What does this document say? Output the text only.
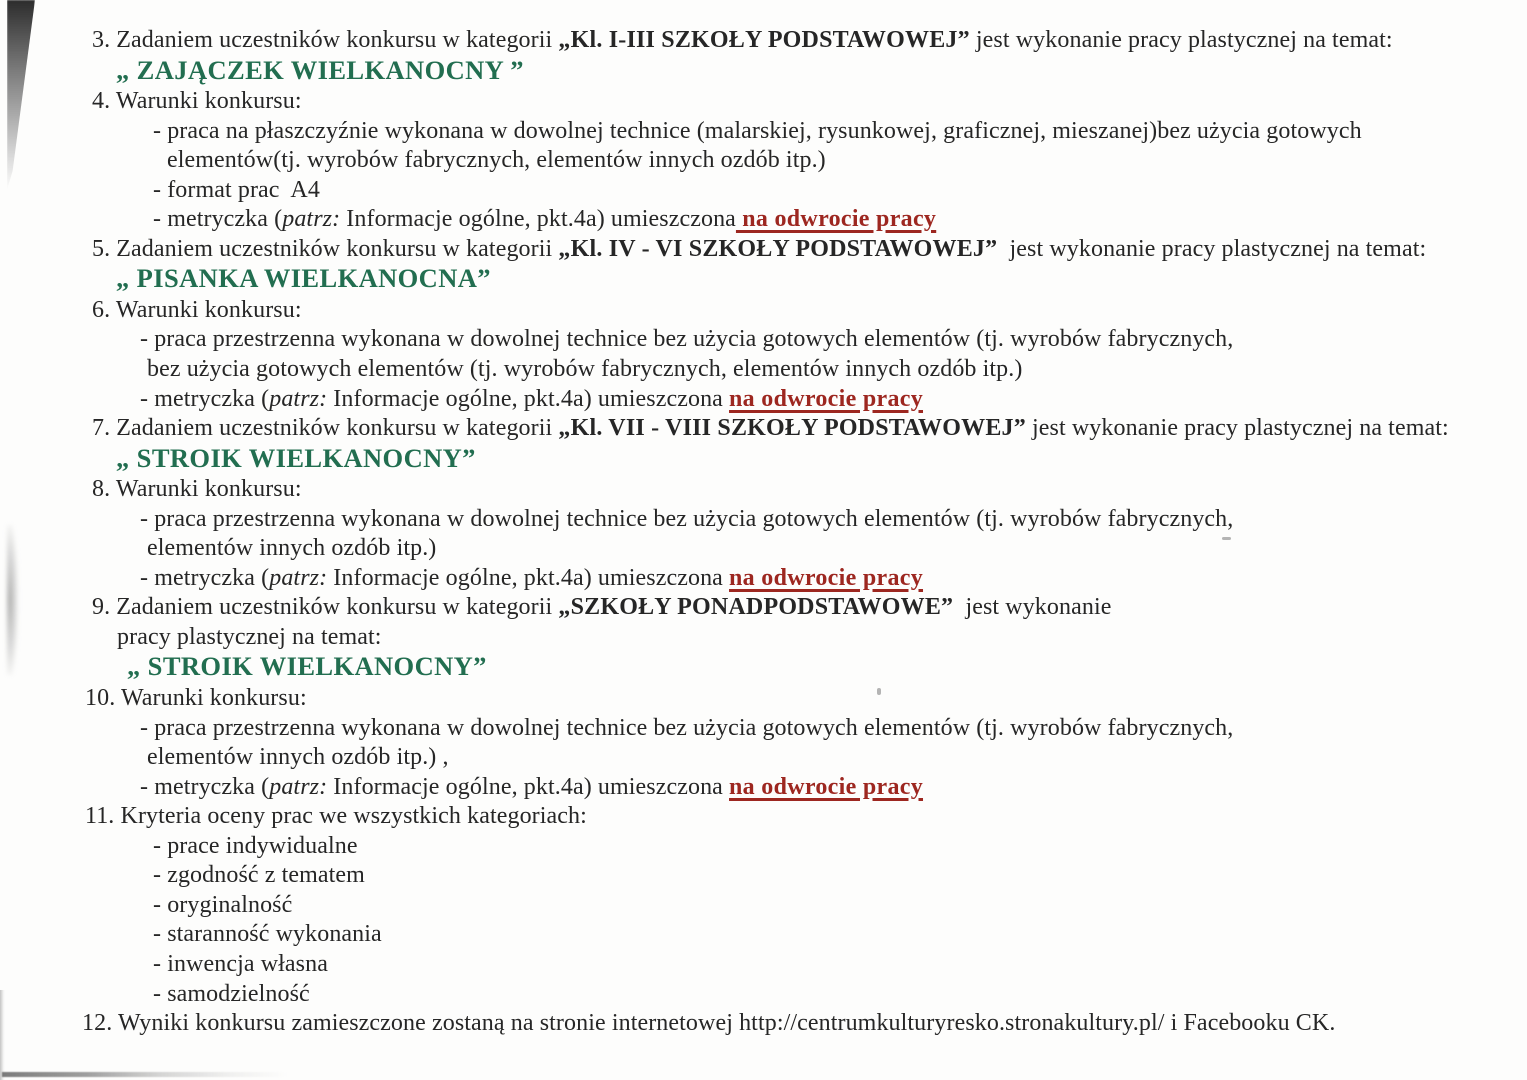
3. Zadaniem uczestników konkursu w kategorii „Kl. I-III SZKOŁY PODSTAWOWEJ” jest wykonanie pracy plastycznej na temat:
„ ZAJĄCZEK WIELKANOCNY ”
4. Warunki konkursu:
- praca na płaszczyźnie wykonana w dowolnej technice (malarskiej, rysunkowej, graficznej, mieszanej)bez użycia gotowych
elementów(tj. wyrobów fabrycznych, elementów innych ozdób itp.)
- format prac  A4
- metryczka (patrz: Informacje ogólne, pkt.4a) umieszczona na odwrocie pracy
5. Zadaniem uczestników konkursu w kategorii „Kl. IV - VI SZKOŁY PODSTAWOWEJ”  jest wykonanie pracy plastycznej na temat:
„ PISANKA WIELKANOCNA”
6. Warunki konkursu:
- praca przestrzenna wykonana w dowolnej technice bez użycia gotowych elementów (tj. wyrobów fabrycznych,
bez użycia gotowych elementów (tj. wyrobów fabrycznych, elementów innych ozdób itp.)
- metryczka (patrz: Informacje ogólne, pkt.4a) umieszczona na odwrocie pracy
7. Zadaniem uczestników konkursu w kategorii „Kl. VII - VIII SZKOŁY PODSTAWOWEJ” jest wykonanie pracy plastycznej na temat:
„ STROIK WIELKANOCNY”
8. Warunki konkursu:
- praca przestrzenna wykonana w dowolnej technice bez użycia gotowych elementów (tj. wyrobów fabrycznych,
elementów innych ozdób itp.)
- metryczka (patrz: Informacje ogólne, pkt.4a) umieszczona na odwrocie pracy
9. Zadaniem uczestników konkursu w kategorii „SZKOŁY PONADPODSTAWOWE”  jest wykonanie
pracy plastycznej na temat:
„ STROIK WIELKANOCNY”
10. Warunki konkursu:
- praca przestrzenna wykonana w dowolnej technice bez użycia gotowych elementów (tj. wyrobów fabrycznych,
elementów innych ozdób itp.) ,
- metryczka (patrz: Informacje ogólne, pkt.4a) umieszczona na odwrocie pracy
11. Kryteria oceny prac we wszystkich kategoriach:
- prace indywidualne
- zgodność z tematem
- oryginalność
- staranność wykonania
- inwencja własna
- samodzielność
12. Wyniki konkursu zamieszczone zostaną na stronie internetowej http://centrumkulturyresko.stronakultury.pl/ i Facebooku CK.
